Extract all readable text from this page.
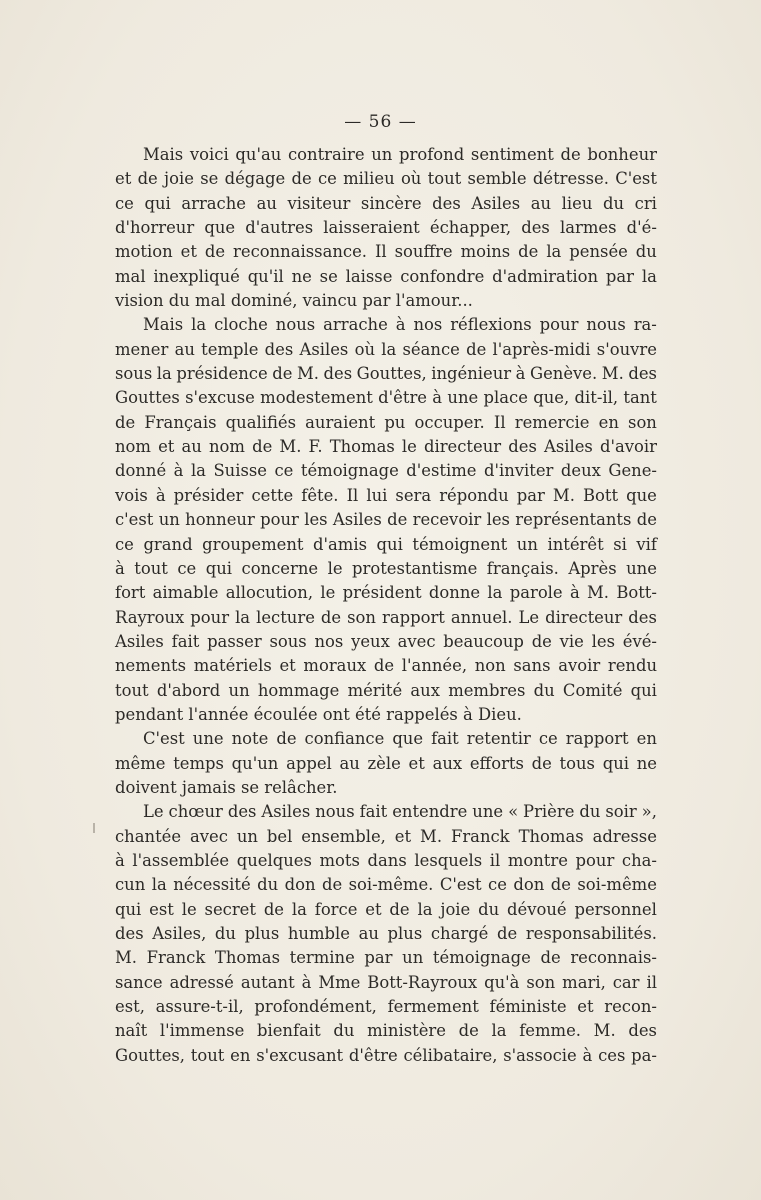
— 56 —
Mais voici qu'au contraire un profond sentiment de bonheur
et de joie se dégage de ce milieu où tout semble détresse. C'est
ce qui arrache au visiteur sincère des Asiles au lieu du cri
d'horreur que d'autres laisseraient échapper, des larmes d'é-
motion et de reconnaissance. Il souffre moins de la pensée du
mal inexpliqué qu'il ne se laisse confondre d'admiration par la
vision du mal dominé, vaincu par l'amour...
Mais la cloche nous arrache à nos réflexions pour nous ra-
mener au temple des Asiles où la séance de l'après-midi s'ouvre
sous la présidence de M. des Gouttes, ingénieur à Genève. M. des
Gouttes s'excuse modestement d'être à une place que, dit-il, tant
de Français qualifiés auraient pu occuper. Il remercie en son
nom et au nom de M. F. Thomas le directeur des Asiles d'avoir
donné à la Suisse ce témoignage d'estime d'inviter deux Gene-
vois à présider cette fête. Il lui sera répondu par M. Bott que
c'est un honneur pour les Asiles de recevoir les représentants de
ce grand groupement d'amis qui témoignent un intérêt si vif
à tout ce qui concerne le protestantisme français. Après une
fort aimable allocution, le président donne la parole à M. Bott-
Rayroux pour la lecture de son rapport annuel. Le directeur des
Asiles fait passer sous nos yeux avec beaucoup de vie les évé-
nements matériels et moraux de l'année, non sans avoir rendu
tout d'abord un hommage mérité aux membres du Comité qui
pendant l'année écoulée ont été rappelés à Dieu.
C'est une note de confiance que fait retentir ce rapport en
même temps qu'un appel au zèle et aux efforts de tous qui ne
doivent jamais se relâcher.
Le chœur des Asiles nous fait entendre une « Prière du soir »,
chantée avec un bel ensemble, et M. Franck Thomas adresse
à l'assemblée quelques mots dans lesquels il montre pour cha-
cun la nécessité du don de soi-même. C'est ce don de soi-même
qui est le secret de la force et de la joie du dévoué personnel
des Asiles, du plus humble au plus chargé de responsabilités.
M. Franck Thomas termine par un témoignage de reconnais-
sance adressé autant à Mme Bott-Rayroux qu'à son mari, car il
est, assure-t-il, profondément, fermement féministe et recon-
naît l'immense bienfait du ministère de la femme. M. des
Gouttes, tout en s'excusant d'être célibataire, s'associe à ces pa-
